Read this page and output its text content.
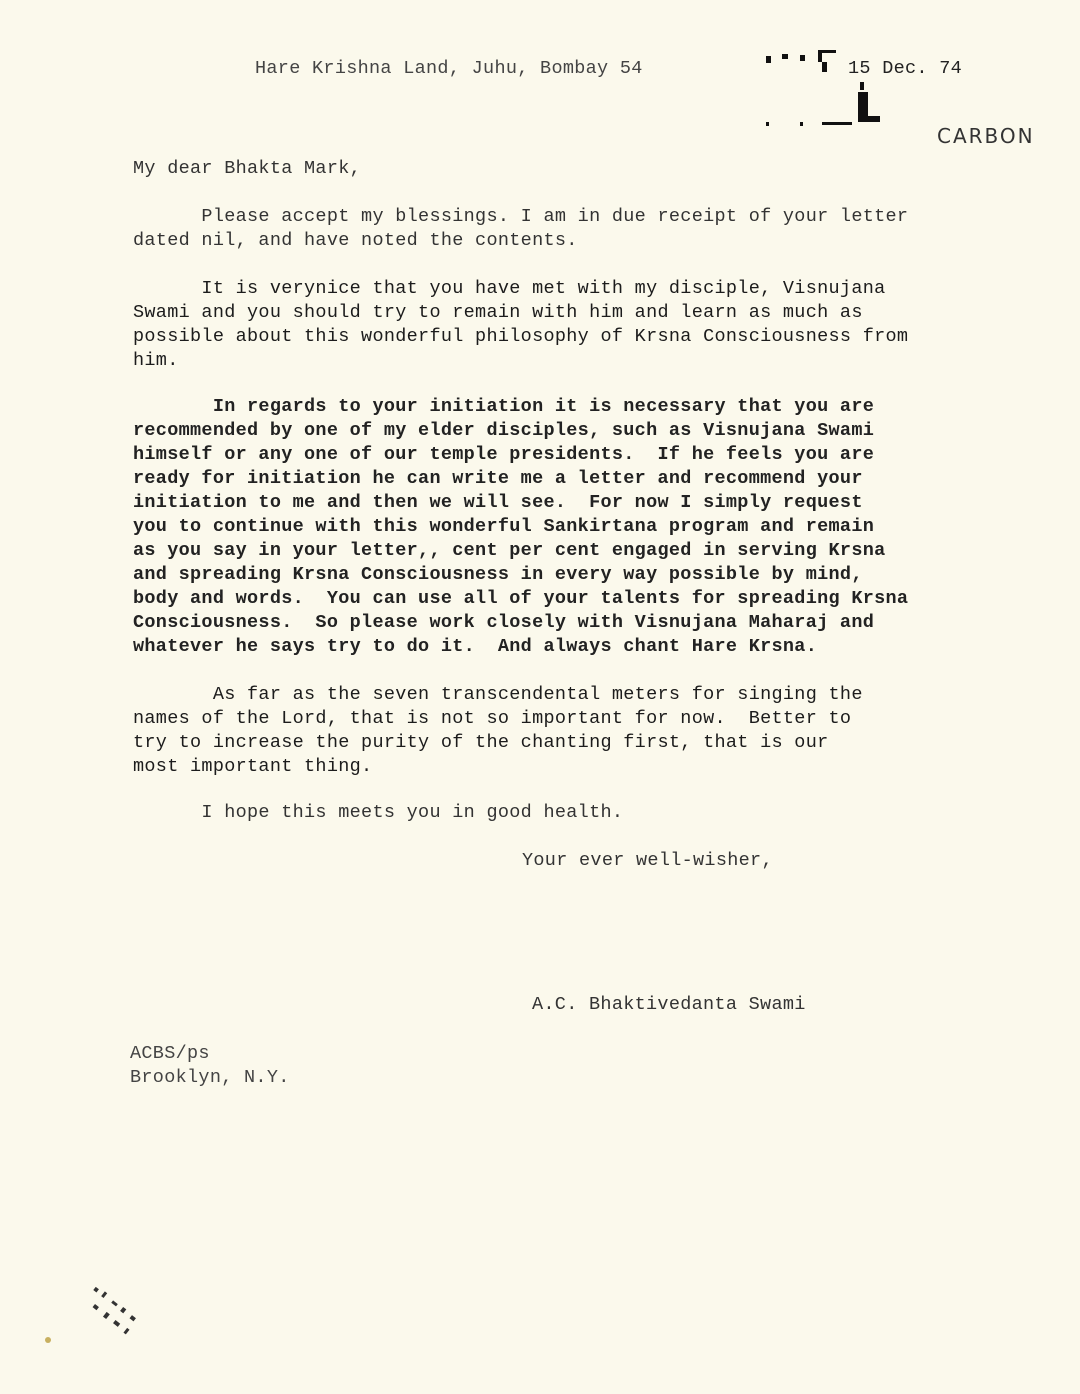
Hare Krishna Land, Juhu, Bombay 54	15 Dec. 74
CARBON
My dear Bhakta Mark,
Please accept my blessings. I am in due receipt of your letter
dated nil, and have noted the contents.
It is verynice that you have met with my disciple, Visnujana
Swami and you should try to remain with him and learn as much as
possible about this wonderful philosophy of Krsna Consciousness from
him.
In regards to your initiation it is necessary that you are
recommended by one of my elder disciples, such as Visnujana Swami
himself or any one of our temple presidents.  If he feels you are
ready for initiation he can write me a letter and recommend your
initiation to me and then we will see.  For now I simply request
you to continue with this wonderful Sankirtana program and remain
as you say in your letter,, cent per cent engaged in serving Krsna
and spreading Krsna Consciousness in every way possible by mind,
body and words.  You can use all of your talents for spreading Krsna
Consciousness.  So please work closely with Visnujana Maharaj and
whatever he says try to do it.  And always chant Hare Krsna.
As far as the seven transcendental meters for singing the
names of the Lord, that is not so important for now.  Better to
try to increase the purity of the chanting first, that is our
most important thing.
I hope this meets you in good health.
Your ever well-wisher,
A.C. Bhaktivedanta Swami
ACBS/ps
Brooklyn, N.Y.
